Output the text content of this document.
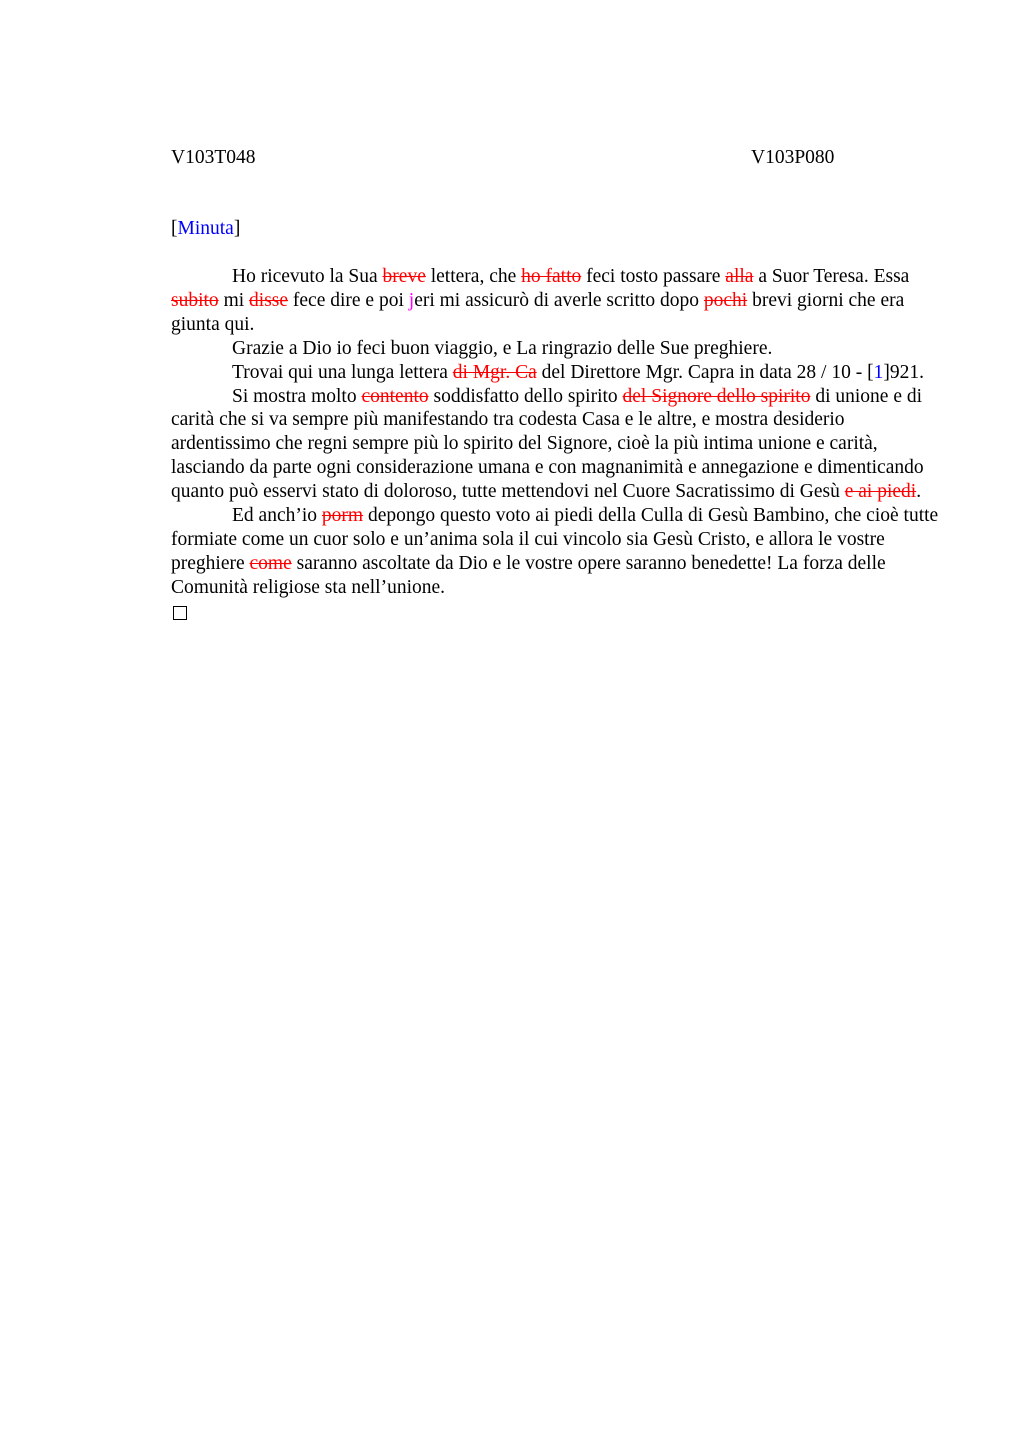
V103T048	V103P080
[Minuta]

Ho ricevuto la Sua breve lettera, che ho fatto feci tosto passare alla a Suor Teresa. Essa subito mi disse fece dire e poi jeri mi assicurò di averle scritto dopo pochi brevi giorni che era giunta qui.

Grazie a Dio io feci buon viaggio, e La ringrazio delle Sue preghiere.

Trovai qui una lunga lettera di Mgr. Ca del Direttore Mgr. Capra in data 28 / 10 - [1]921.

Si mostra molto contento soddisfatto dello spirito del Signore dello spirito di unione e di carità che si va sempre più manifestando tra codesta Casa e le altre, e mostra desiderio ardentissimo che regni sempre più lo spirito del Signore, cioè la più intima unione e carità, lasciando da parte ogni considerazione umana e con magnanimità e annegazione e dimenticando quanto può esservi stato di doloroso, tutte mettendovi nel Cuore Sacratissimo di Gesù e ai piedi.

Ed anch’io porm depongo questo voto ai piedi della Culla di Gesù Bambino, che cioè tutte formiate come un cuor solo e un’anima sola il cui vincolo sia Gesù Cristo, e allora le vostre preghiere come saranno ascoltate da Dio e le vostre opere saranno benedette! La forza delle Comunità religiose sta nell’unione.
